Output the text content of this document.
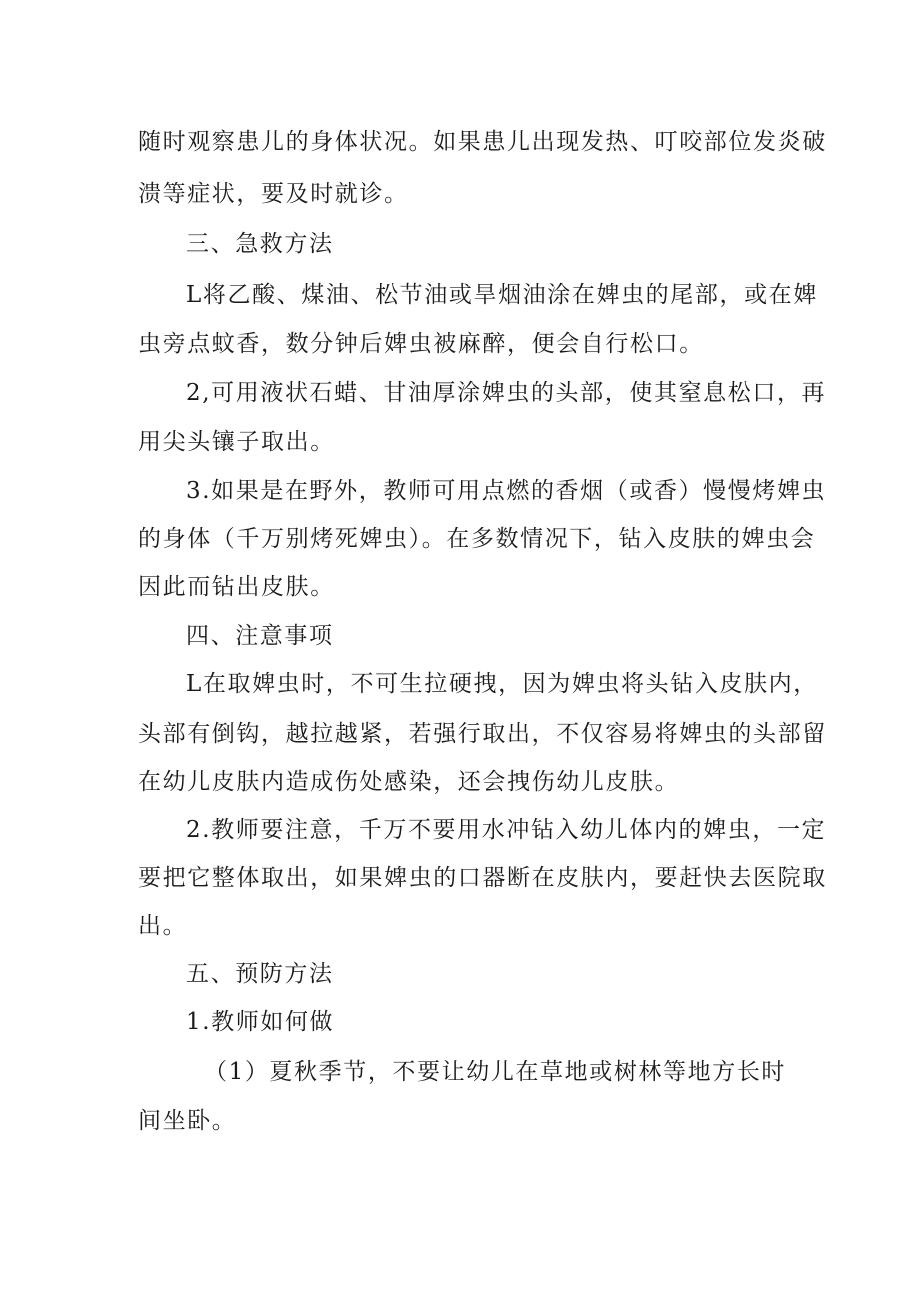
随时观察患儿的身体状况。如果患儿出现发热、叮咬部位发炎破
溃等症状，要及时就诊。
三、急救方法
L将乙酸、煤油、松节油或旱烟油涂在婢虫的尾部，或在婢
虫旁点蚊香，数分钟后婢虫被麻醉，便会自行松口。
2,可用液状石蜡、甘油厚涂婢虫的头部，使其窒息松口，再
用尖头镶子取出。
3.如果是在野外，教师可用点燃的香烟（或香）慢慢烤婢虫
的身体（千万别烤死婢虫）。在多数情况下，钻入皮肤的婢虫会
因此而钻出皮肤。
四、注意事项
L在取婢虫时，不可生拉硬拽，因为婢虫将头钻入皮肤内，
头部有倒钩，越拉越紧，若强行取出，不仅容易将婢虫的头部留
在幼儿皮肤内造成伤处感染，还会拽伤幼儿皮肤。
2.教师要注意，千万不要用水冲钻入幼儿体内的婢虫，一定
要把它整体取出，如果婢虫的口器断在皮肤内，要赶快去医院取
出。
五、预防方法
1.教师如何做
（1）夏秋季节，不要让幼儿在草地或树林等地方长时
间坐卧。
